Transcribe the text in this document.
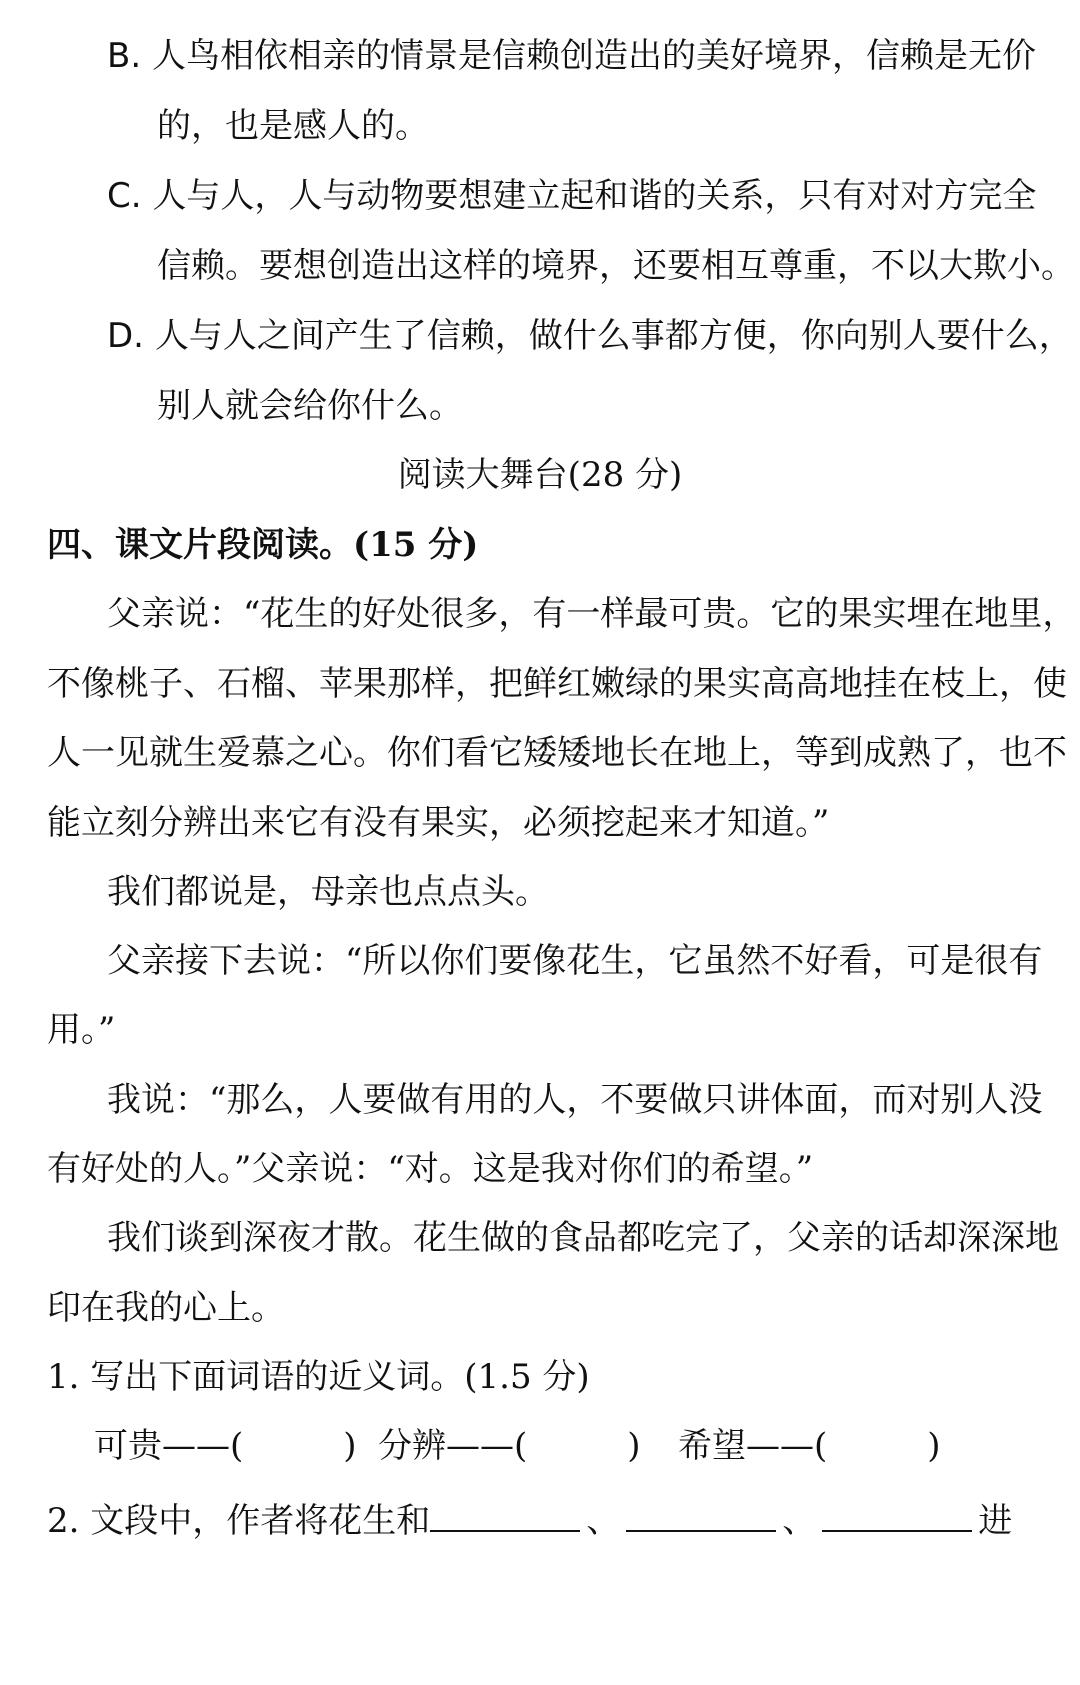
B. 人鸟相依相亲的情景是信赖创造出的美好境界，信赖是无价
的，也是感人的。
C. 人与人，人与动物要想建立起和谐的关系，只有对对方完全
信赖。要想创造出这样的境界，还要相互尊重，不以大欺小。
D. 人与人之间产生了信赖，做什么事都方便，你向别人要什么，
别人就会给你什么。
阅读大舞台(28 分)
四、课文片段阅读。(15 分)
父亲说：“花生的好处很多，有一样最可贵。它的果实埋在地里，
不像桃子、石榴、苹果那样，把鲜红嫩绿的果实高高地挂在枝上，使
人一见就生爱慕之心。你们看它矮矮地长在地上，等到成熟了，也不
能立刻分辨出来它有没有果实，必须挖起来才知道。”
我们都说是，母亲也点点头。
父亲接下去说：“所以你们要像花生，它虽然不好看，可是很有
用。”
我说：“那么，人要做有用的人，不要做只讲体面，而对别人没
有好处的人。”父亲说：“对。这是我对你们的希望。”
我们谈到深夜才散。花生做的食品都吃完了，父亲的话却深深地
印在我的心上。
1. 写出下面词语的近义词。(1.5 分)
可贵——(	) 分辨——(	) 希望——(	)
2. 文段中，作者将花生和	、	、	进
